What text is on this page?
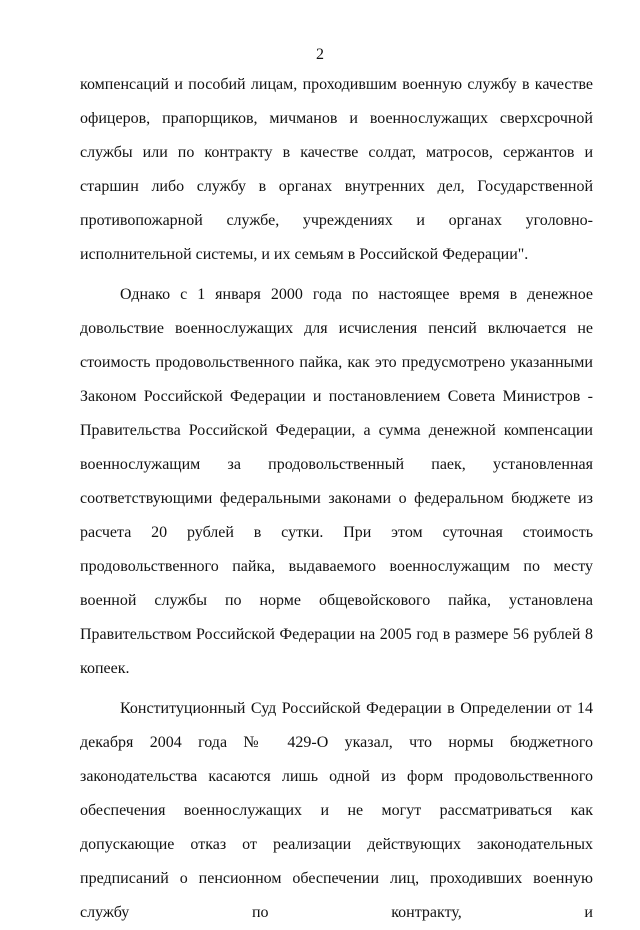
2

компенсаций и пособий лицам, проходившим военную службу в качестве офицеров, прапорщиков, мичманов и военнослужащих сверхсрочной службы или по контракту в качестве солдат, матросов, сержантов и старшин либо службу в органах внутренних дел, Государственной противопожарной службе, учреждениях и органах уголовно-исполнительной системы, и их семьям в Российской Федерации".

Однако с 1 января 2000 года по настоящее время в денежное довольствие военнослужащих для исчисления пенсий включается не стоимость продовольственного пайка, как это предусмотрено указанными Законом Российской Федерации и постановлением Совета Министров - Правительства Российской Федерации, а сумма денежной компенсации военнослужащим за продовольственный паек, установленная соответствующими федеральными законами о федеральном бюджете из расчета 20 рублей в сутки. При этом суточная стоимость продовольственного пайка, выдаваемого военнослужащим по месту военной службы по норме общевойскового пайка, установлена Правительством Российской Федерации на 2005 год в размере 56 рублей 8 копеек.

Конституционный Суд Российской Федерации в Определении от 14 декабря 2004 года № 429-О указал, что нормы бюджетного законодательства касаются лишь одной из форм продовольственного обеспечения военнослужащих и не могут рассматриваться как допускающие отказ от реализации действующих законодательных предписаний о пенсионном обеспечении лиц, проходивших военную службу по контракту, и
